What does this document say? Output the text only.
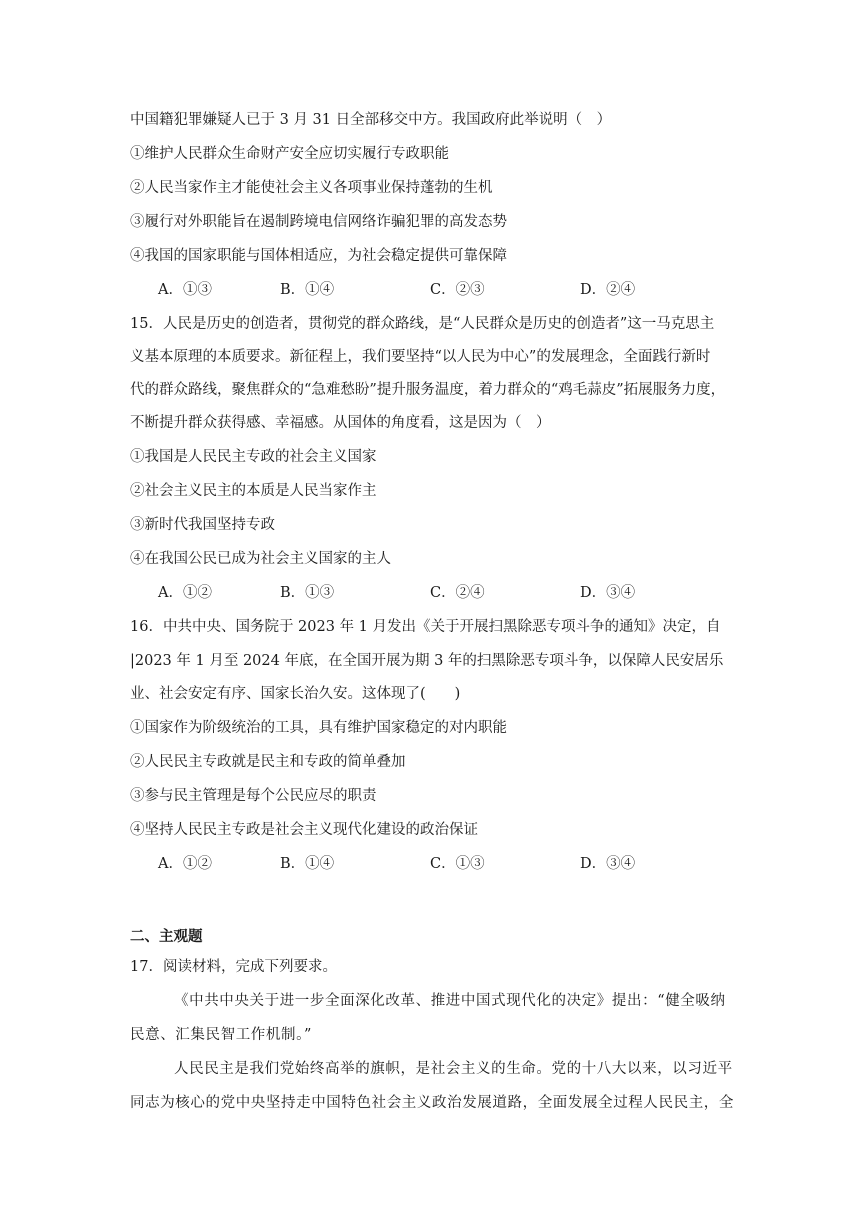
中国籍犯罪嫌疑人已于 3 月 31 日全部移交中方。我国政府此举说明（　）
①维护人民群众生命财产安全应切实履行专政职能
②人民当家作主才能使社会主义各项事业保持蓬勃的生机
③履行对外职能旨在遏制跨境电信网络诈骗犯罪的高发态势
④我国的国家职能与国体相适应，为社会稳定提供可靠保障
A．①③	B．①④	C．②③	D．②④
15．人民是历史的创造者，贯彻党的群众路线，是“人民群众是历史的创造者”这一马克思主
义基本原理的本质要求。新征程上，我们要坚持“以人民为中心”的发展理念，全面践行新时
代的群众路线，聚焦群众的“急难愁盼”提升服务温度，着力群众的“鸡毛蒜皮”拓展服务力度，
不断提升群众获得感、幸福感。从国体的角度看，这是因为（　）
①我国是人民民主专政的社会主义国家
②社会主义民主的本质是人民当家作主
③新时代我国坚持专政
④在我国公民已成为社会主义国家的主人
A．①②	B．①③	C．②④	D．③④
16．中共中央、国务院于 2023 年 1 月发出《关于开展扫黑除恶专项斗争的通知》决定，自
|2023 年 1 月至 2024 年底，在全国开展为期 3 年的扫黑除恶专项斗争，以保障人民安居乐
业、社会安定有序、国家长治久安。这体现了(　　)
①国家作为阶级统治的工具，具有维护国家稳定的对内职能
②人民民主专政就是民主和专政的简单叠加
③参与民主管理是每个公民应尽的职责
④坚持人民民主专政是社会主义现代化建设的政治保证
A．①②	B．①④	C．①③	D．③④
二、主观题
17．阅读材料，完成下列要求。
《中共中央关于进一步全面深化改革、推进中国式现代化的决定》提出：“健全吸纳
民意、汇集民智工作机制。”
人民民主是我们党始终高举的旗帜，是社会主义的生命。党的十八大以来，以习近平
同志为核心的党中央坚持走中国特色社会主义政治发展道路，全面发展全过程人民民主，全
